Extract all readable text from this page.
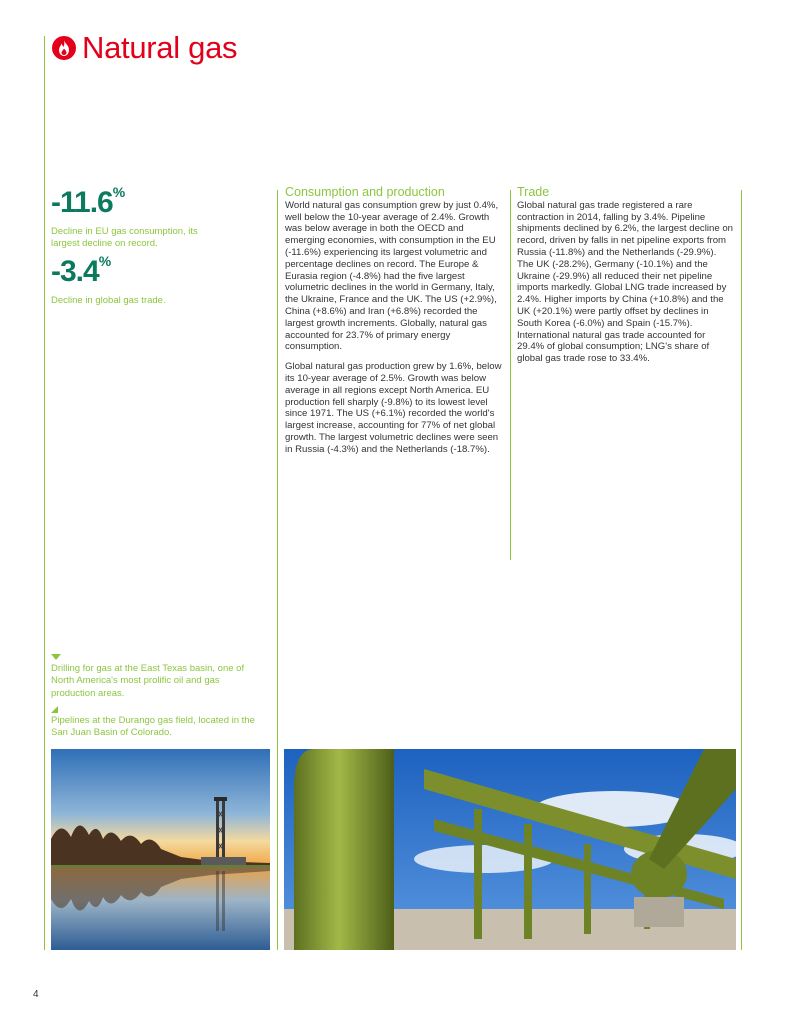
Natural gas
-11.6%
Decline in EU gas consumption, its largest decline on record.
-3.4%
Decline in global gas trade.
Consumption and production

World natural gas consumption grew by just 0.4%, well below the 10-year average of 2.4%. Growth was below average in both the OECD and emerging economies, with consumption in the EU (-11.6%) experiencing its largest volumetric and percentage declines on record. The Europe & Eurasia region (-4.8%) had the five largest volumetric declines in the world in Germany, Italy, the Ukraine, France and the UK. The US (+2.9%), China (+8.6%) and Iran (+6.8%) recorded the largest growth increments. Globally, natural gas accounted for 23.7% of primary energy consumption.

Global natural gas production grew by 1.6%, below its 10-year average of 2.5%. Growth was below average in all regions except North America. EU production fell sharply (-9.8%) to its lowest level since 1971. The US (+6.1%) recorded the world's largest increase, accounting for 77% of net global growth. The largest volumetric declines were seen in Russia (-4.3%) and the Netherlands (-18.7%).

Trade

Global natural gas trade registered a rare contraction in 2014, falling by 3.4%. Pipeline shipments declined by 6.2%, the largest decline on record, driven by falls in net pipeline exports from Russia (-11.8%) and the Netherlands (-29.9%). The UK (-28.2%), Germany (-10.1%) and the Ukraine (-29.9%) all reduced their net pipeline imports markedly. Global LNG trade increased by 2.4%. Higher imports by China (+10.8%) and the UK (+20.1%) were partly offset by declines in South Korea (-6.0%) and Spain (-15.7%). International natural gas trade accounted for 29.4% of global consumption; LNG's share of global gas trade rose to 33.4%.

Drilling for gas at the East Texas basin, one of North America's most prolific oil and gas production areas.
Pipelines at the Durango gas field, located in the San Juan Basin of Colorado.
4
